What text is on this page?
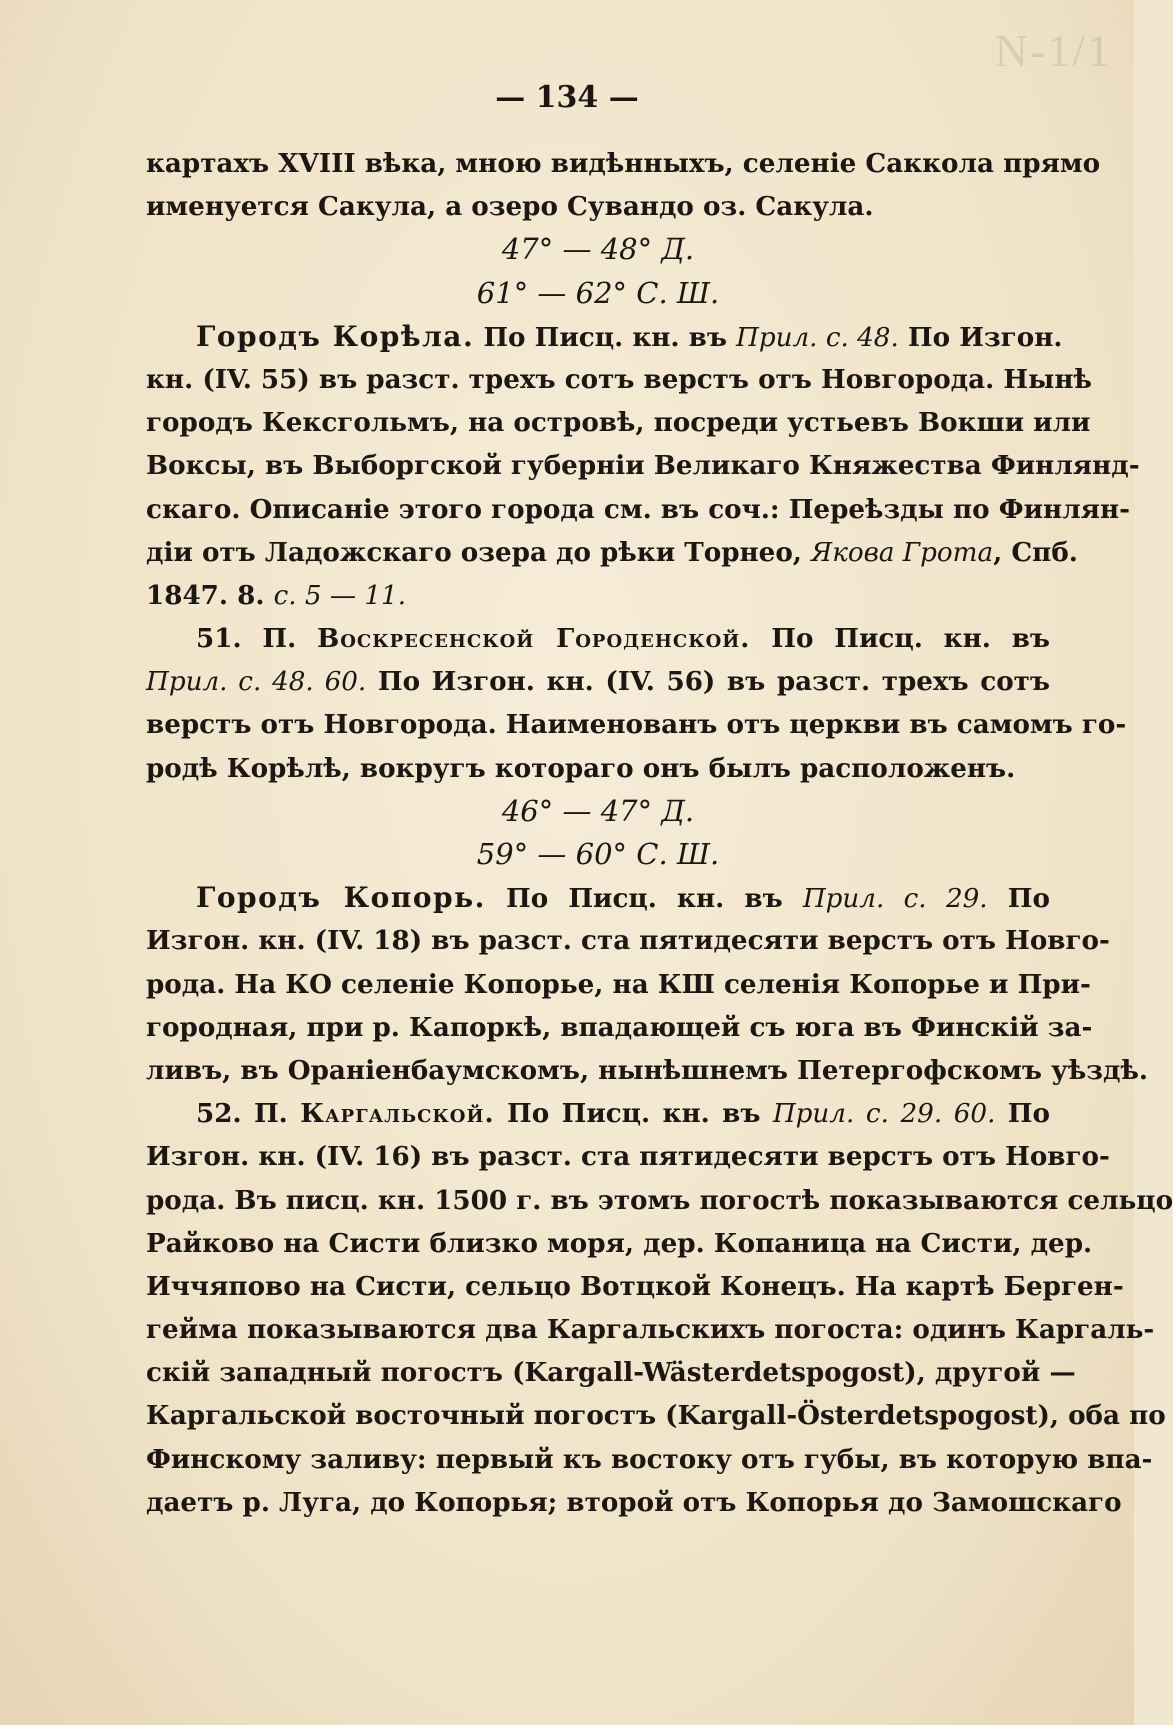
N-1/1
— 134 —
картахъ XVIII вѣка, мною видѣнныхъ, селеніе Саккола прямо
именуется Сакула, а озеро Сувандо оз. Сакула.
47° — 48° Д.
61° — 62° С. Ш.
Городъ Корѣла. По Писц. кн. въ Прил. с. 48. По Изгон.
кн. (IV. 55) въ разст. трехъ сотъ верстъ отъ Новгорода. Нынѣ
городъ Кексгольмъ, на островѣ, посреди устьевъ Вокши или
Воксы, въ Выборгской губерніи Великаго Княжества Финлянд-
скаго. Описаніе этого города см. въ соч.: Переѣзды по Финлян-
діи отъ Ладожскаго озера до рѣки Торнео, Якова Грота, Спб.
1847. 8. с. 5 — 11.
51. П. Воскресенской Городенской. По Писц. кн. въ
Прил. с. 48. 60. По Изгон. кн. (IV. 56) въ разст. трехъ сотъ
верстъ отъ Новгорода. Наименованъ отъ церкви въ самомъ го-
родѣ Корѣлѣ, вокругъ котораго онъ былъ расположенъ.
46° — 47° Д.
59° — 60° С. Ш.
Городъ Копорь. По Писц. кн. въ Прил. с. 29. По
Изгон. кн. (IV. 18) въ разст. ста пятидесяти верстъ отъ Новго-
рода. На КО селеніе Копорье, на КШ селенія Копорье и При-
городная, при р. Капоркѣ, впадающей съ юга въ Финскій за-
ливъ, въ Ораніенбаумскомъ, нынѣшнемъ Петергофскомъ уѣздѣ.
52. П. Каргальской. По Писц. кн. въ Прил. с. 29. 60. По
Изгон. кн. (IV. 16) въ разст. ста пятидесяти верстъ отъ Новго-
рода. Въ писц. кн. 1500 г. въ этомъ погостѣ показываются сельцо
Райково на Систи близко моря, дер. Копаница на Систи, дер.
Иччяпово на Систи, сельцо Вотцкой Конецъ. На картѣ Берген-
гейма показываются два Каргальскихъ погоста: одинъ Каргаль-
скій западный погостъ (Kargall-Wästerdetspogost), другой —
Каргальской восточный погостъ (Kargall-Österdetspogost), оба по
Финскому заливу: первый къ востоку отъ губы, въ которую впа-
даетъ р. Луга, до Копорья; второй отъ Копорья до Замошскаго
